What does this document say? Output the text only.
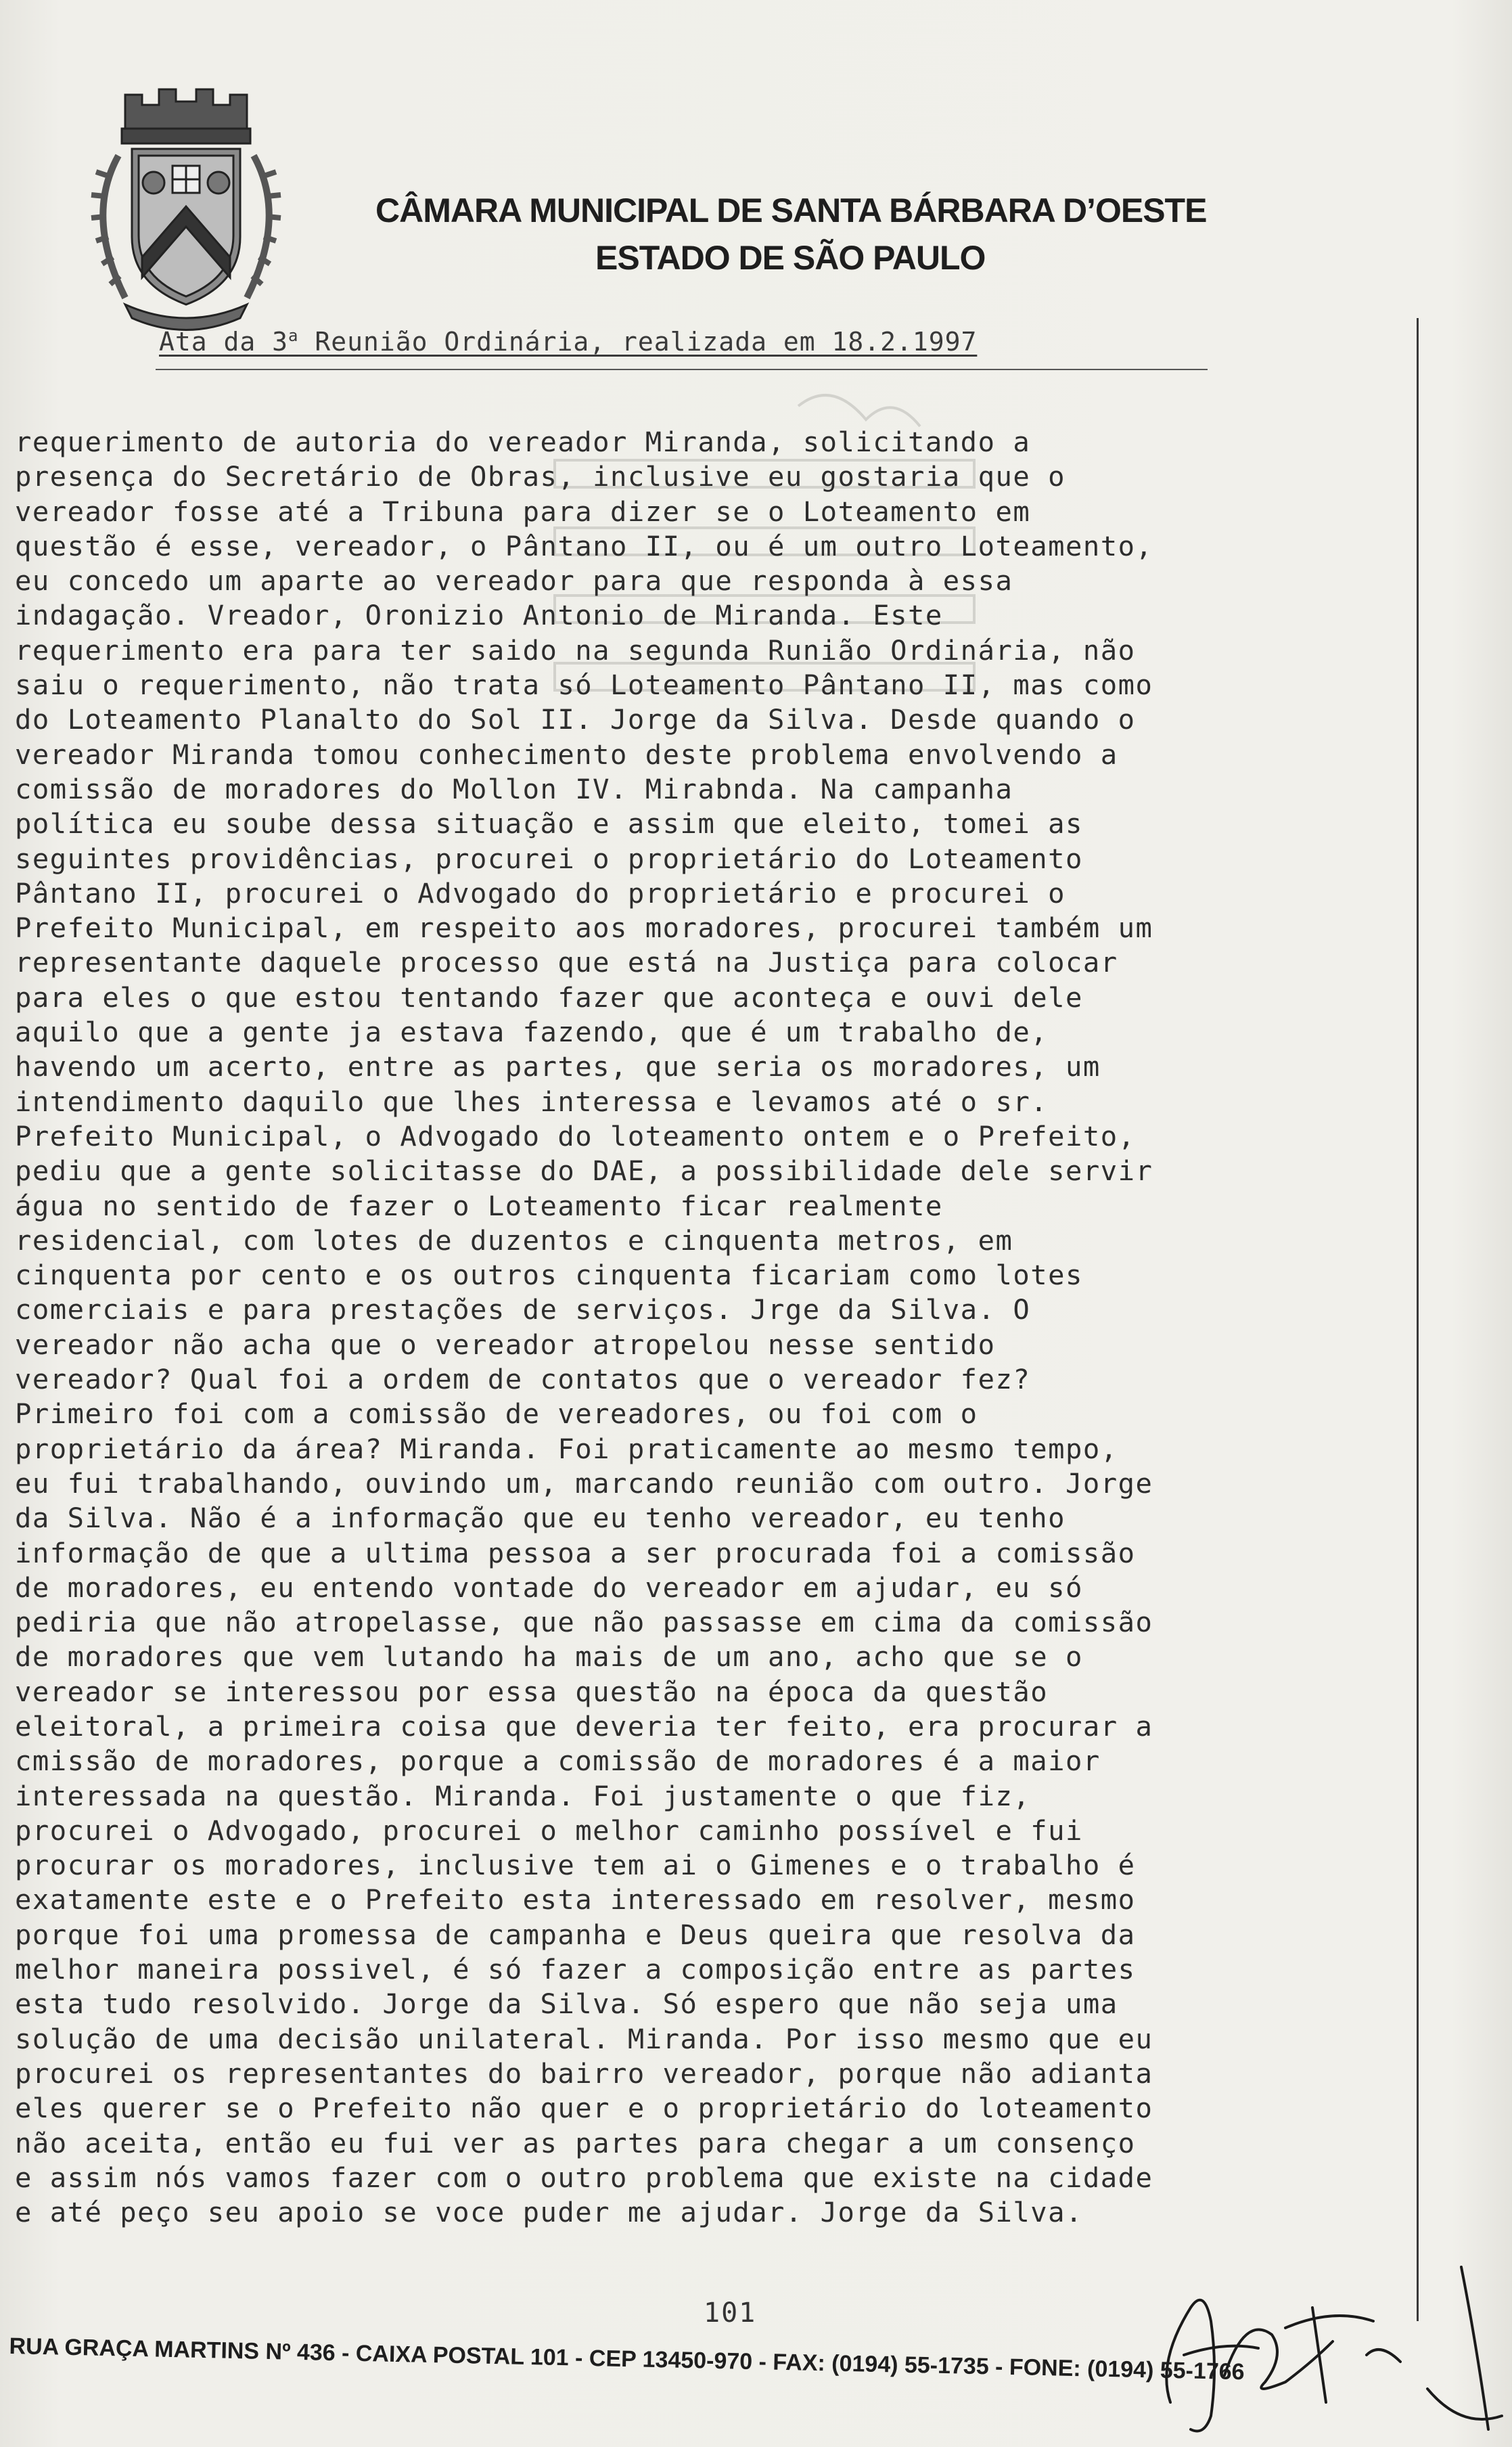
CÂMARA MUNICIPAL DE SANTA BÁRBARA D’OESTE
ESTADO DE SÃO PAULO
Ata da 3$^a$ Reunião Ordinária, realizada em 18.2.1997
requerimento de autoria do vereador Miranda, solicitando a
presença do Secretário de Obras, inclusive eu gostaria que o
vereador fosse até a Tribuna para dizer se o Loteamento em
questão é esse, vereador, o Pântano II, ou é um outro Loteamento,
eu concedo um aparte ao vereador para que responda à essa
indagação. Vreador, Oronizio Antonio de Miranda. Este
requerimento era para ter saido na segunda Runião Ordinária, não
saiu o requerimento, não trata só Loteamento Pântano II, mas como
do Loteamento Planalto do Sol II. Jorge da Silva. Desde quando o
vereador Miranda tomou conhecimento deste problema envolvendo a
comissão de moradores do Mollon IV. Mirabnda. Na campanha
política eu soube dessa situação e assim que eleito, tomei as
seguintes providências, procurei o proprietário do Loteamento
Pântano II, procurei o Advogado do proprietário e procurei o
Prefeito Municipal, em respeito aos moradores, procurei também um
representante daquele processo que está na Justiça para colocar
para eles o que estou tentando fazer que aconteça e ouvi dele
aquilo que a gente ja estava fazendo, que é um trabalho de,
havendo um acerto, entre as partes, que seria os moradores, um
intendimento daquilo que lhes interessa e levamos até o sr.
Prefeito Municipal, o Advogado do loteamento ontem e o Prefeito,
pediu que a gente solicitasse do DAE, a possibilidade dele servir
água no sentido de fazer o Loteamento ficar realmente
residencial, com lotes de duzentos e cinquenta metros, em
cinquenta por cento e os outros cinquenta ficariam como lotes
comerciais e para prestações de serviços. Jrge da Silva. O
vereador não acha que o vereador atropelou nesse sentido
vereador? Qual foi a ordem de contatos que o vereador fez?
Primeiro foi com a comissão de vereadores, ou foi com o
proprietário da área? Miranda. Foi praticamente ao mesmo tempo,
eu fui trabalhando, ouvindo um, marcando reunião com outro. Jorge
da Silva. Não é a informação que eu tenho vereador, eu tenho
informação de que a ultima pessoa a ser procurada foi a comissão
de moradores, eu entendo vontade do vereador em ajudar, eu só
pediria que não atropelasse, que não passasse em cima da comissão
de moradores que vem lutando ha mais de um ano, acho que se o
vereador se interessou por essa questão na época da questão
eleitoral, a primeira coisa que deveria ter feito, era procurar a
cmissão de moradores, porque a comissão de moradores é a maior
interessada na questão. Miranda. Foi justamente o que fiz,
procurei o Advogado, procurei o melhor caminho possível e fui
procurar os moradores, inclusive tem ai o Gimenes e o trabalho é
exatamente este e o Prefeito esta interessado em resolver, mesmo
porque foi uma promessa de campanha e Deus queira que resolva da
melhor maneira possivel, é só fazer a composição entre as partes
esta tudo resolvido. Jorge da Silva. Só espero que não seja uma
solução de uma decisão unilateral. Miranda. Por isso mesmo que eu
procurei os representantes do bairro vereador, porque não adianta
eles querer se o Prefeito não quer e o proprietário do loteamento
não aceita, então eu fui ver as partes para chegar a um consenço
e assim nós vamos fazer com o outro problema que existe na cidade
e até peço seu apoio se voce puder me ajudar. Jorge da Silva.
101
RUA GRAÇA MARTINS Nº 436 - CAIXA POSTAL 101 - CEP 13450-970 - FAX: (0194) 55-1735 - FONE: (0194) 55-1766
